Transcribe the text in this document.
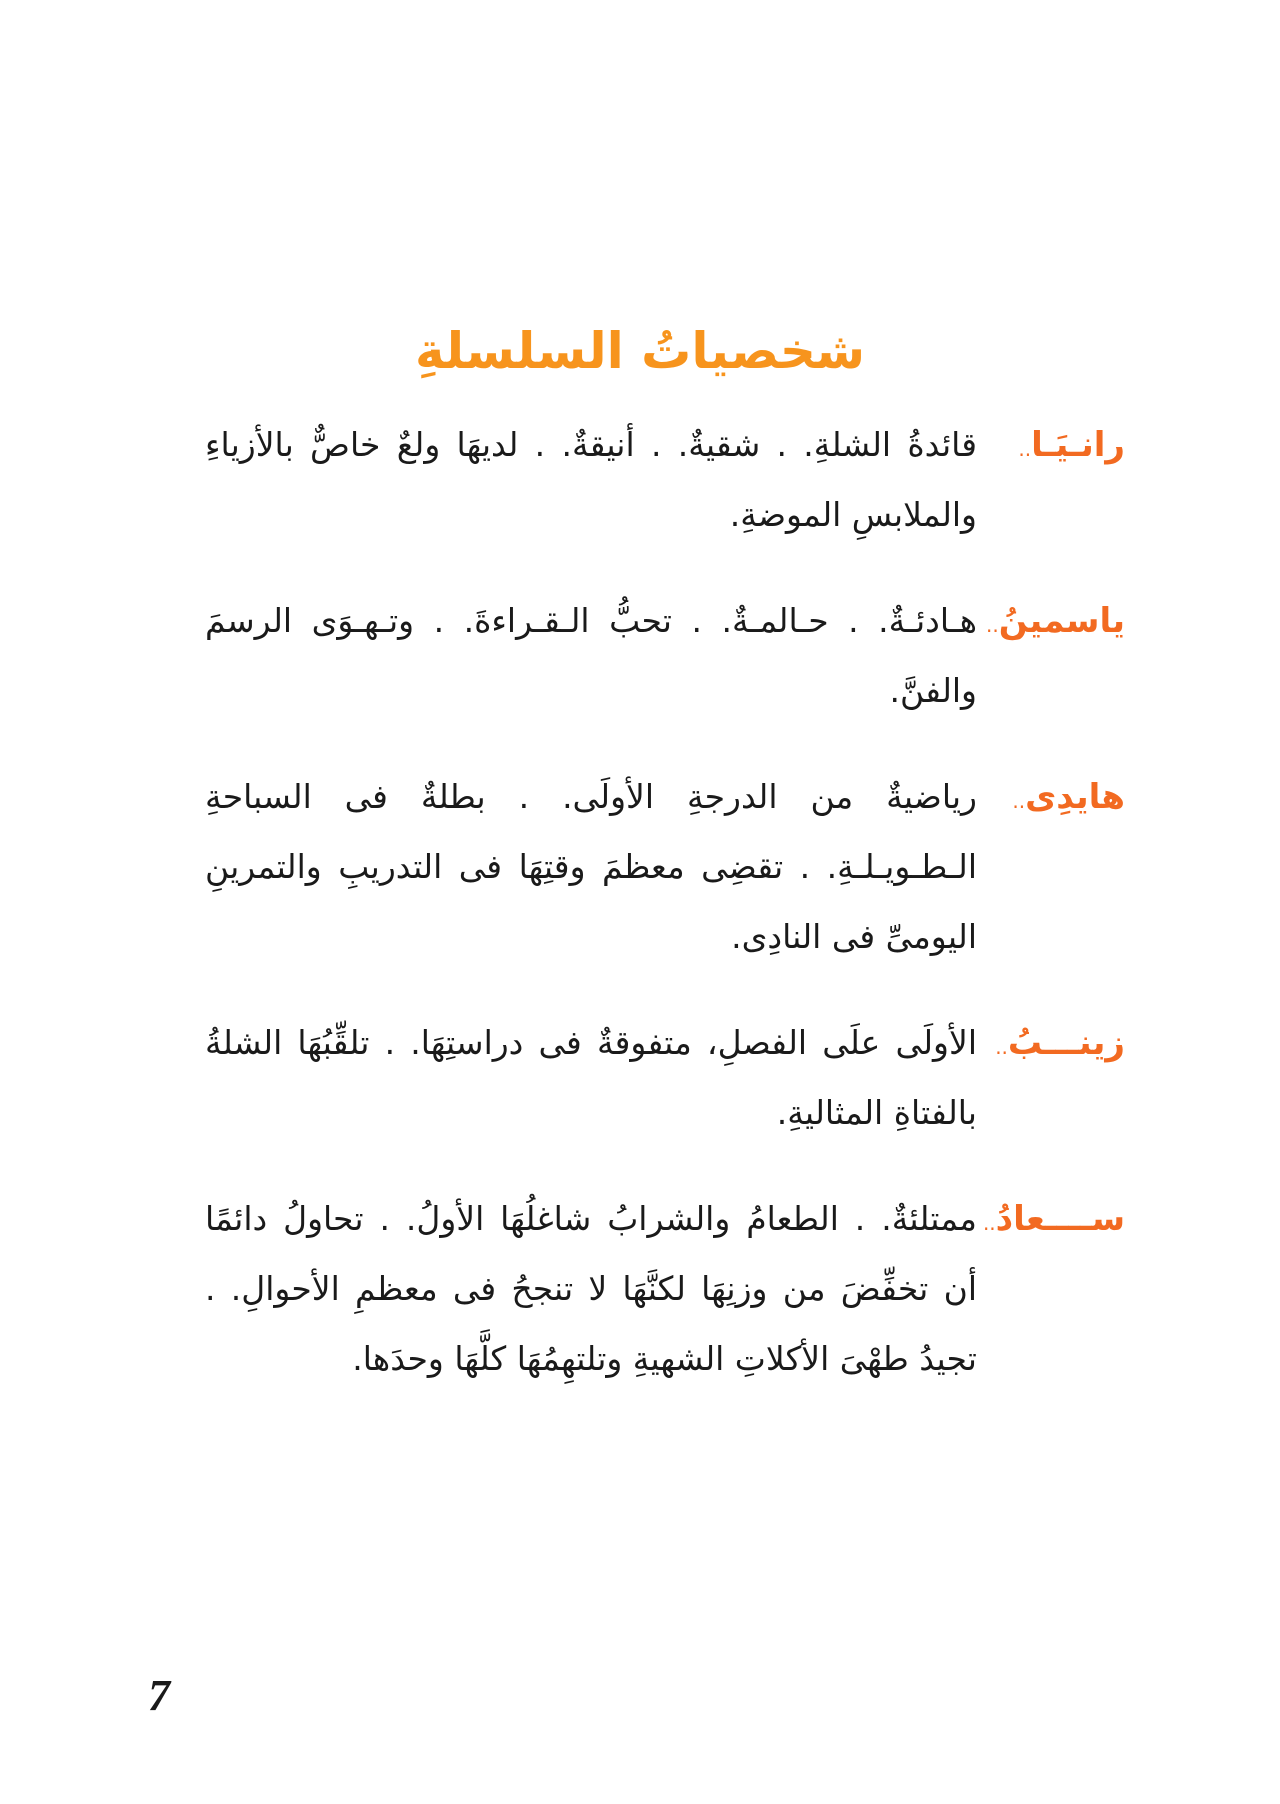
شخصياتُ السلسلةِ
رانـيَـا..
قائدةُ الشلةِ. . شقيةٌ. . أنيقةٌ. . لديهَا ولعٌ خاصٌّ بالأزياءِ والملابسِ الموضةِ.
ياسمينُ..
هـادئـةٌ. . حـالمـةٌ. . تحبُّ الـقـراءةَ. . وتـهـوَى الرسمَ والفنَّ.
هايدِى..
رياضيةٌ من الدرجةِ الأولَى. . بطلةٌ فى السباحةِ الـطـويـلـةِ. . تقضِى معظمَ وقتِهَا فى التدريبِ والتمرينِ اليومىِّ فى النادِى.
زينـــبُ..
الأولَى علَى الفصلِ، متفوقةٌ فى دراستِهَا. . تلقِّبُهَا الشلةُ بالفتاةِ المثاليةِ.
ســــعادُ..
ممتلئةٌ. . الطعامُ والشرابُ شاغلُهَا الأولُ. . تحاولُ دائمًا أن تخفِّضَ من وزنِهَا لكنَّهَا لا تنجحُ فى معظمِ الأحوالِ. . تجيدُ طهْىَ الأكلاتِ الشهيةِ وتلتهِمُهَا كلَّهَا وحدَها.
7
